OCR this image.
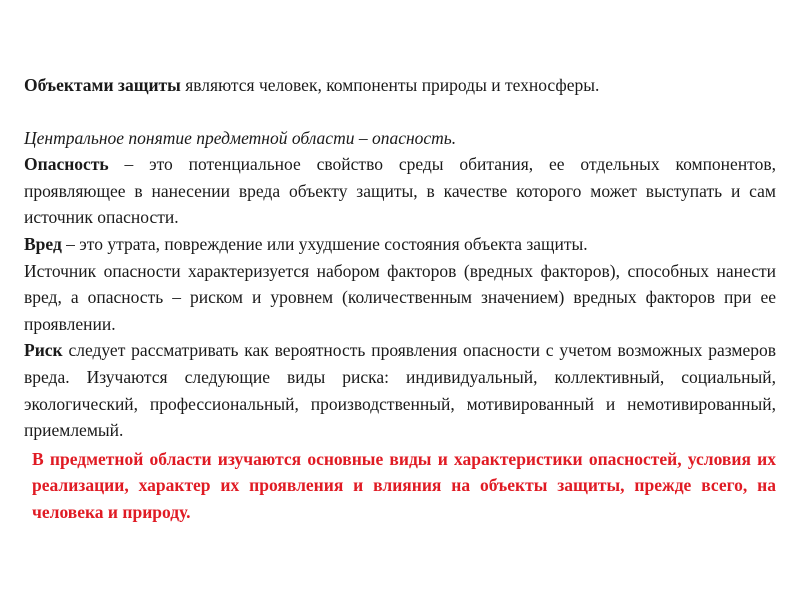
Объектами защиты являются человек, компоненты природы и техносферы.

Центральное понятие предметной области – опасность.

Опасность – это потенциальное свойство среды обитания, ее отдельных компонентов, проявляющее в нанесении вреда объекту защиты, в качестве которого может выступать и сам источник опасности.

Вред – это утрата, повреждение или ухудшение состояния объекта защиты.

Источник опасности характеризуется набором факторов (вредных факторов), способных нанести вред, а опасность – риском и уровнем (количественным значением) вредных факторов при ее проявлении.

Риск следует рассматривать как вероятность проявления опасности с учетом возможных размеров вреда. Изучаются следующие виды риска: индивидуальный, коллективный, социальный, экологический, профессиональный, производственный, мотивированный и немотивированный, приемлемый.

В предметной области изучаются основные виды и характеристики опасностей, условия их реализации, характер их проявления и влияния на объекты защиты, прежде всего, на человека и природу.
